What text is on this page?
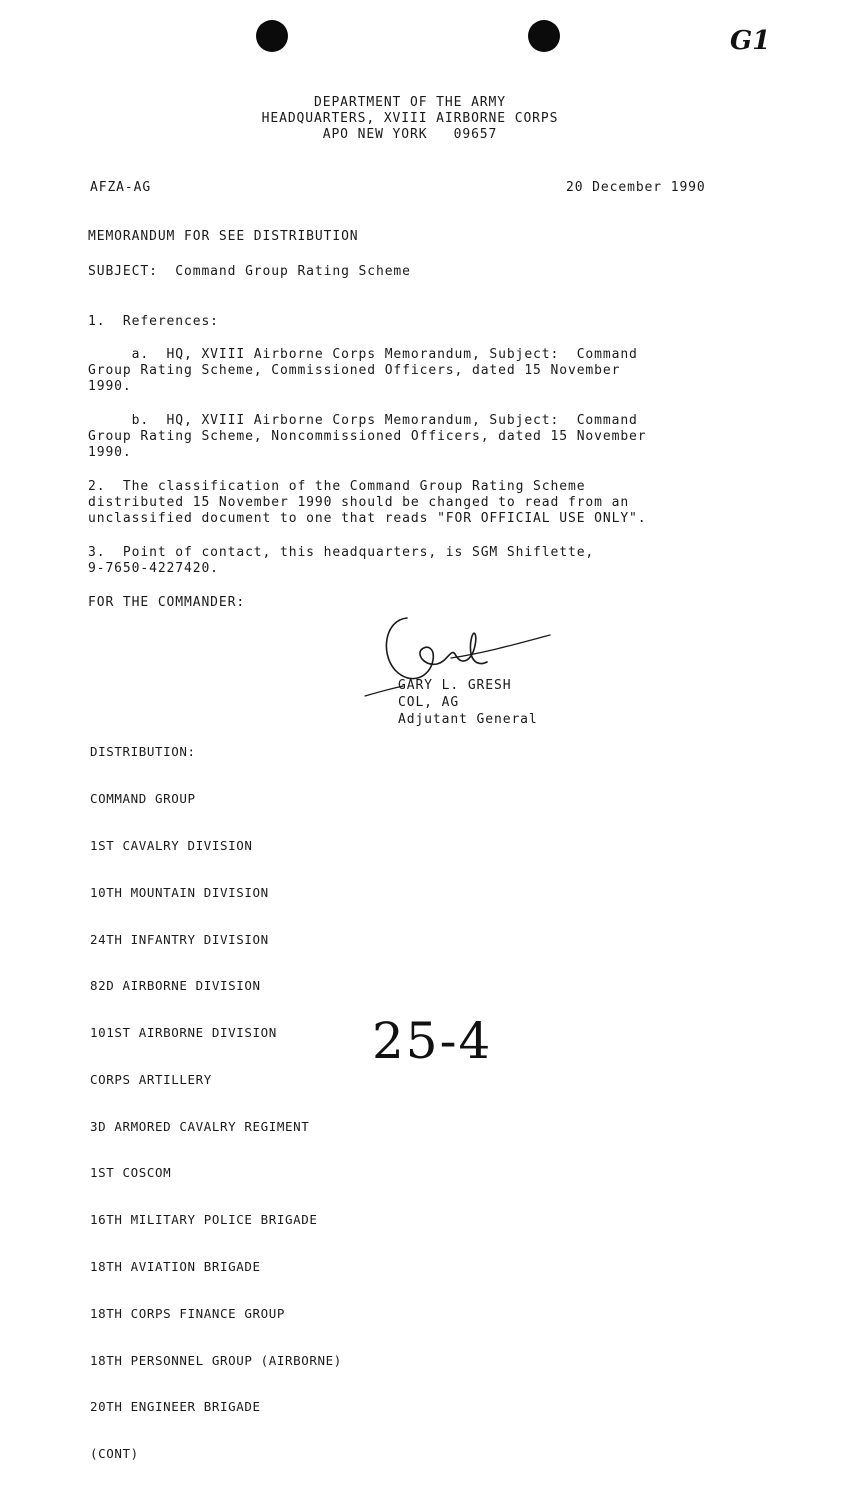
G1
DEPARTMENT OF THE ARMY
HEADQUARTERS, XVIII AIRBORNE CORPS
APO NEW YORK   09657
AFZA-AG	20 December 1990
MEMORANDUM FOR SEE DISTRIBUTION
SUBJECT:  Command Group Rating Scheme
1.  References:
a.  HQ, XVIII Airborne Corps Memorandum, Subject:  Command
Group Rating Scheme, Commissioned Officers, dated 15 November
1990.
b.  HQ, XVIII Airborne Corps Memorandum, Subject:  Command
Group Rating Scheme, Noncommissioned Officers, dated 15 November
1990.
2.  The classification of the Command Group Rating Scheme
distributed 15 November 1990 should be changed to read from an
unclassified document to one that reads "FOR OFFICIAL USE ONLY".
3.  Point of contact, this headquarters, is SGM Shiflette,
9-7650-4227420.
FOR THE COMMANDER:
GARY L. GRESH
COL, AG
Adjutant General
DISTRIBUTION:

COMMAND GROUP

1ST CAVALRY DIVISION

10TH MOUNTAIN DIVISION

24TH INFANTRY DIVISION

82D AIRBORNE DIVISION

101ST AIRBORNE DIVISION

CORPS ARTILLERY

3D ARMORED CAVALRY REGIMENT

1ST COSCOM

16TH MILITARY POLICE BRIGADE

18TH AVIATION BRIGADE

18TH CORPS FINANCE GROUP

18TH PERSONNEL GROUP (AIRBORNE)

20TH ENGINEER BRIGADE

(CONT)

25-4
